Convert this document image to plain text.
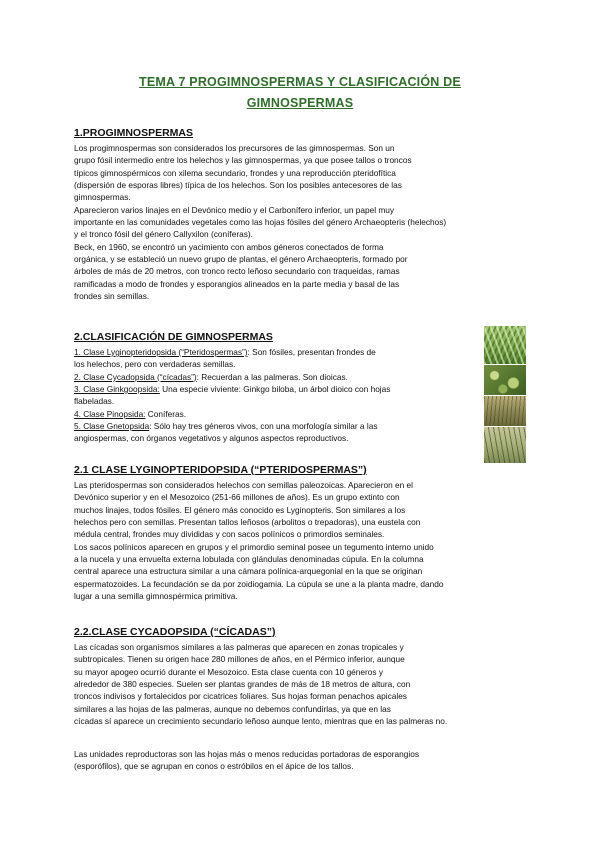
TEMA 7 PROGIMNOSPERMAS Y CLASIFICACIÓN DE
GIMNOSPERMAS
1.PROGIMNOSPERMAS
Los progimnospermas son considerados los precursores de las gimnospermas. Son un
grupo fósil intermedio entre los helechos y las gimnospermas, ya que posee tallos o troncos
típicos gimnospérmicos con xilema secundario, frondes y una reproducción pteridofítica
(dispersión de esporas libres) típica de los helechos. Son los posibles antecesores de las
gimnospermas.
Aparecieron varios linajes en el Devónico medio y el Carbonífero inferior, un papel muy
importante en las comunidades vegetales como las hojas fósiles del género Archaeopteris (helechos)
y el tronco fósil del género Callyxilon (coníferas).
Beck, en 1960, se encontró un yacimiento con ambos géneros conectados de forma
orgánica, y se estableció un nuevo grupo de plantas, el género Archaeopteris, formado por
árboles de más de 20 metros, con tronco recto leñoso secundario con traqueidas, ramas
ramificadas a modo de frondes y esporangios alineados en la parte media y basal de las
frondes sin semillas.
2.CLASIFICACIÓN DE GIMNOSPERMAS
1. Clase Lyginopteridopsida (“Pteridospermas”): Son fósiles, presentan frondes de
los helechos, pero con verdaderas semillas.
2. Clase Cycadopsida (“cícadas”): Recuerdan a las palmeras. Son dioicas.
3. Clase Ginkgoopsida: Una especie viviente: Ginkgo biloba, un árbol dioico con hojas
flabeladas.
4. Clase Pinopsida: Coníferas.
5. Clase Gnetopsida: Sólo hay tres géneros vivos, con una morfología similar a las
angiospermas, con órganos vegetativos y algunos aspectos reproductivos.
2.1 CLASE LYGINOPTERIDOPSIDA (“PTERIDOSPERMAS”)
Las pteridospermas son considerados helechos con semillas paleozoicas. Aparecieron en el
Devónico superior y en el Mesozoico (251-66 millones de años). Es un grupo extinto con
muchos linajes, todos fósiles. El género más conocido es Lyginopteris. Son similares a los
helechos pero con semillas. Presentan tallos leñosos (arbolitos o trepadoras), una eustela con
médula central, frondes muy divididas y con sacos polínicos o primordios seminales.
Los sacos polínicos aparecen en grupos y el primordio seminal posee un tegumento interno unido
a la nucela y una envuelta externa lobulada con glándulas denominadas cúpula. En la columna
central aparece una estructura similar a una cámara polínica-arquegonial en la que se originan
espermatozoides. La fecundación se da por zoidiogamia. La cúpula se une a la planta madre, dando
lugar a una semilla gimnospérmica primitiva.
2.2.CLASE CYCADOPSIDA (“CÍCADAS”)
Las cícadas son organismos similares a las palmeras que aparecen en zonas tropicales y
subtropicales. Tienen su origen hace 280 millones de años, en el Pérmico inferior, aunque
su mayor apogeo ocurrió durante el Mesozoico. Esta clase cuenta con 10 géneros y
alrededor de 380 especies. Suelen ser plantas grandes de más de 18 metros de altura, con
troncos indivisos y fortalecidos por cicatrices foliares. Sus hojas forman penachos apicales
similares a las hojas de las palmeras, aunque no debemos confundirlas, ya que en las
cícadas sí aparece un crecimiento secundario leñoso aunque lento, mientras que en las palmeras no.
Las unidades reproductoras son las hojas más o menos reducidas portadoras de esporangios
(esporófilos), que se agrupan en conos o estróbilos en el ápice de los tallos.
